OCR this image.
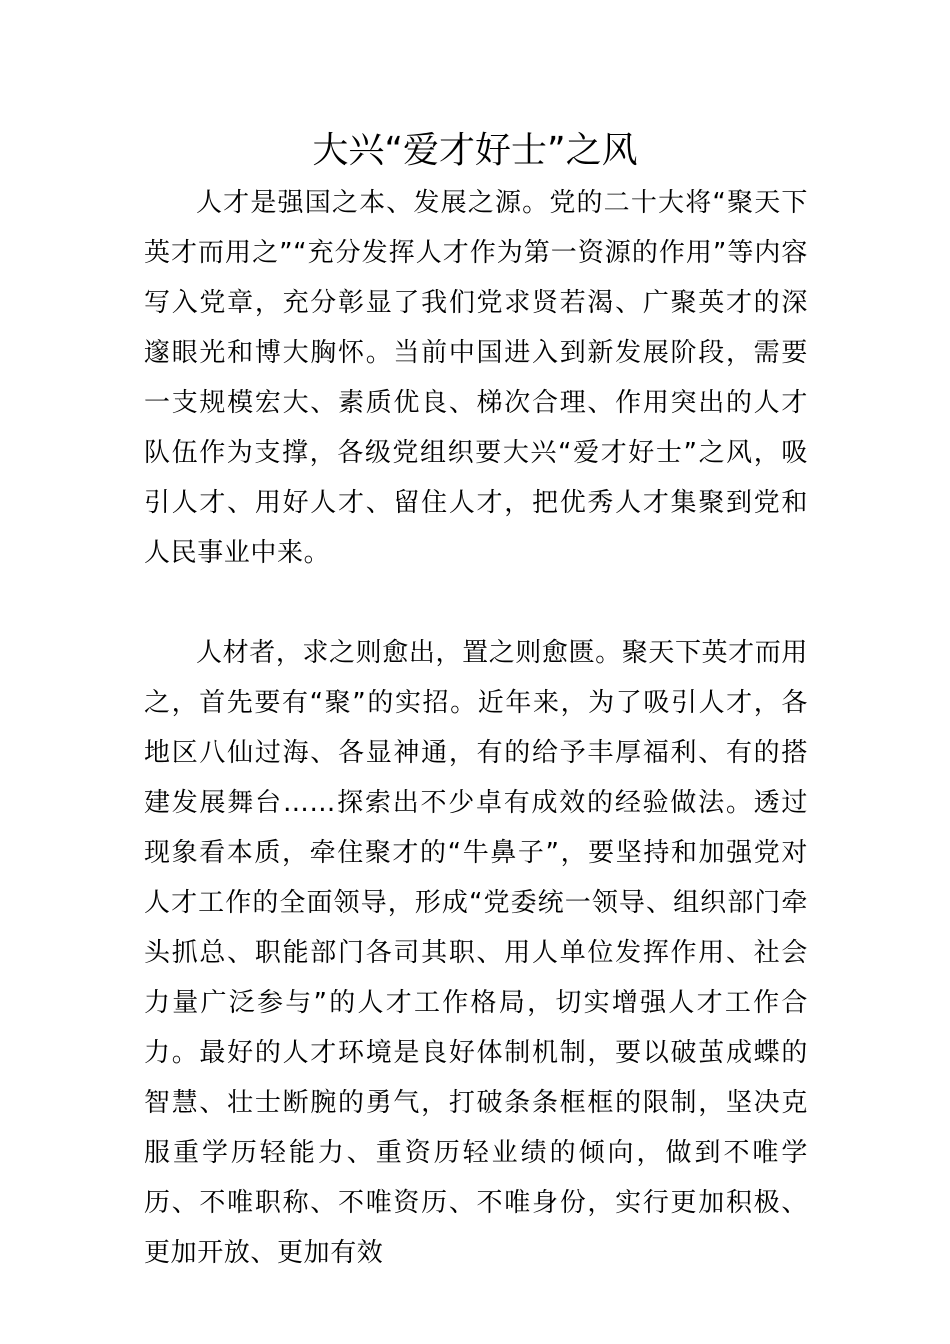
大兴“爱才好士”之风

人才是强国之本、发展之源。党的二十大将“聚天下英才而用之”“充分发挥人才作为第一资源的作用”等内容写入党章，充分彰显了我们党求贤若渴、广聚英才的深邃眼光和博大胸怀。当前中国进入到新发展阶段，需要一支规模宏大、素质优良、梯次合理、作用突出的人才队伍作为支撑，各级党组织要大兴“爱才好士”之风，吸引人才、用好人才、留住人才，把优秀人才集聚到党和人民事业中来。

人材者，求之则愈出，置之则愈匮。聚天下英才而用之，首先要有“聚”的实招。近年来，为了吸引人才，各地区八仙过海、各显神通，有的给予丰厚福利、有的搭建发展舞台……探索出不少卓有成效的经验做法。透过现象看本质，牵住聚才的“牛鼻子”，要坚持和加强党对人才工作的全面领导，形成“党委统一领导、组织部门牵头抓总、职能部门各司其职、用人单位发挥作用、社会力量广泛参与”的人才工作格局，切实增强人才工作合力。最好的人才环境是良好体制机制，要以破茧成蝶的智慧、壮士断腕的勇气，打破条条框框的限制，坚决克服重学历轻能力、重资历轻业绩的倾向，做到不唯学历、不唯职称、不唯资历、不唯身份，实行更加积极、更加开放、更加有效
